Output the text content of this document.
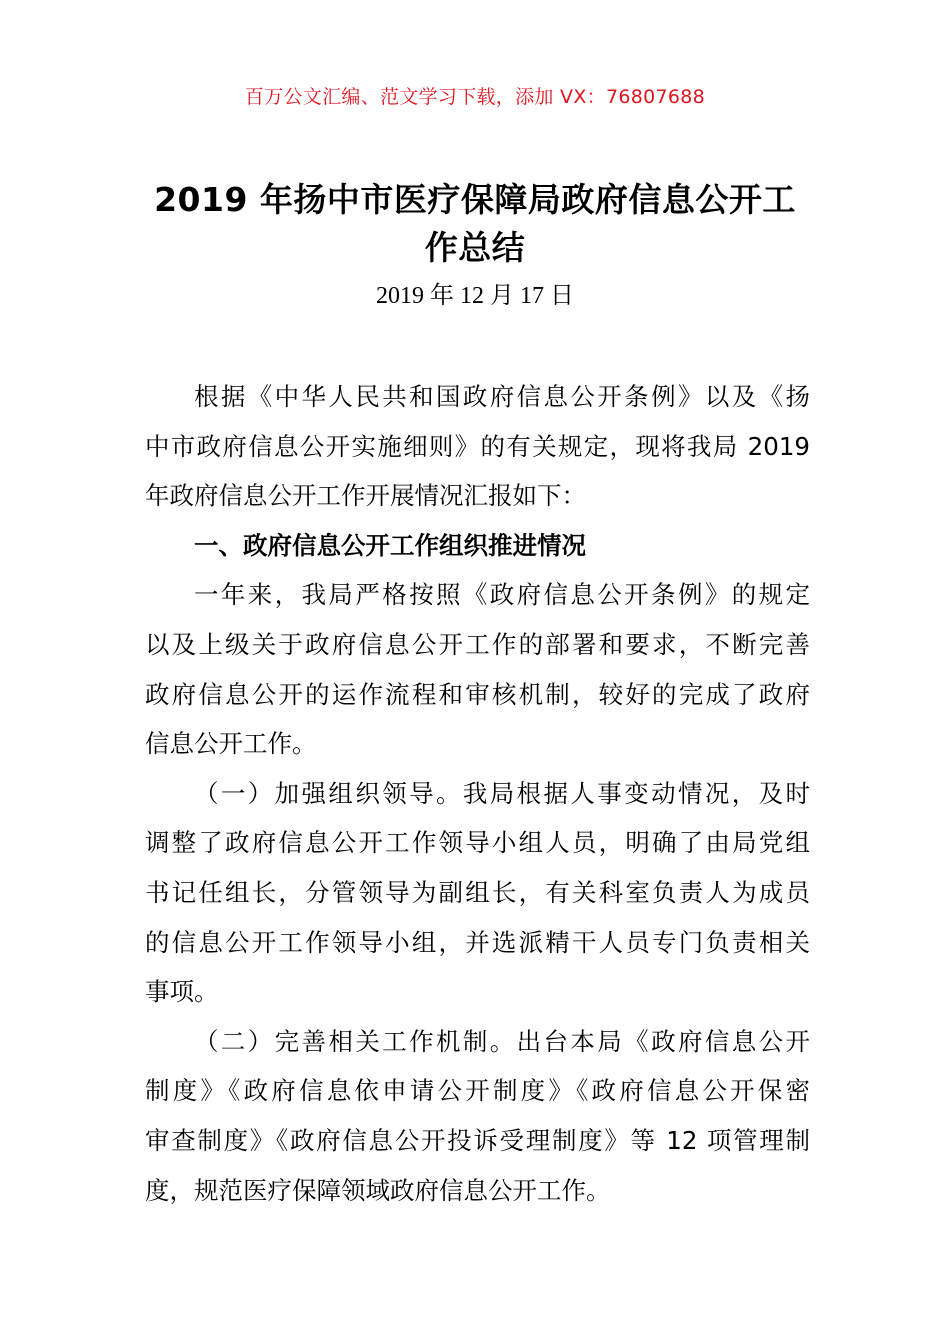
百万公文汇编、范文学习下载，添加 VX：76807688
2019 年扬中市医疗保障局政府信息公开工
作总结
2019 年 12 月 17 日
根据《中华人民共和国政府信息公开条例》以及《扬
中市政府信息公开实施细则》的有关规定，现将我局 2019
年政府信息公开工作开展情况汇报如下：
一、政府信息公开工作组织推进情况
一年来，我局严格按照《政府信息公开条例》的规定
以及上级关于政府信息公开工作的部署和要求，不断完善
政府信息公开的运作流程和审核机制，较好的完成了政府
信息公开工作。
（一）加强组织领导。我局根据人事变动情况，及时
调整了政府信息公开工作领导小组人员，明确了由局党组
书记任组长，分管领导为副组长，有关科室负责人为成员
的信息公开工作领导小组，并选派精干人员专门负责相关
事项。
（二）完善相关工作机制。出台本局《政府信息公开
制度》《政府信息依申请公开制度》《政府信息公开保密
审查制度》《政府信息公开投诉受理制度》等 12 项管理制
度，规范医疗保障领域政府信息公开工作。
